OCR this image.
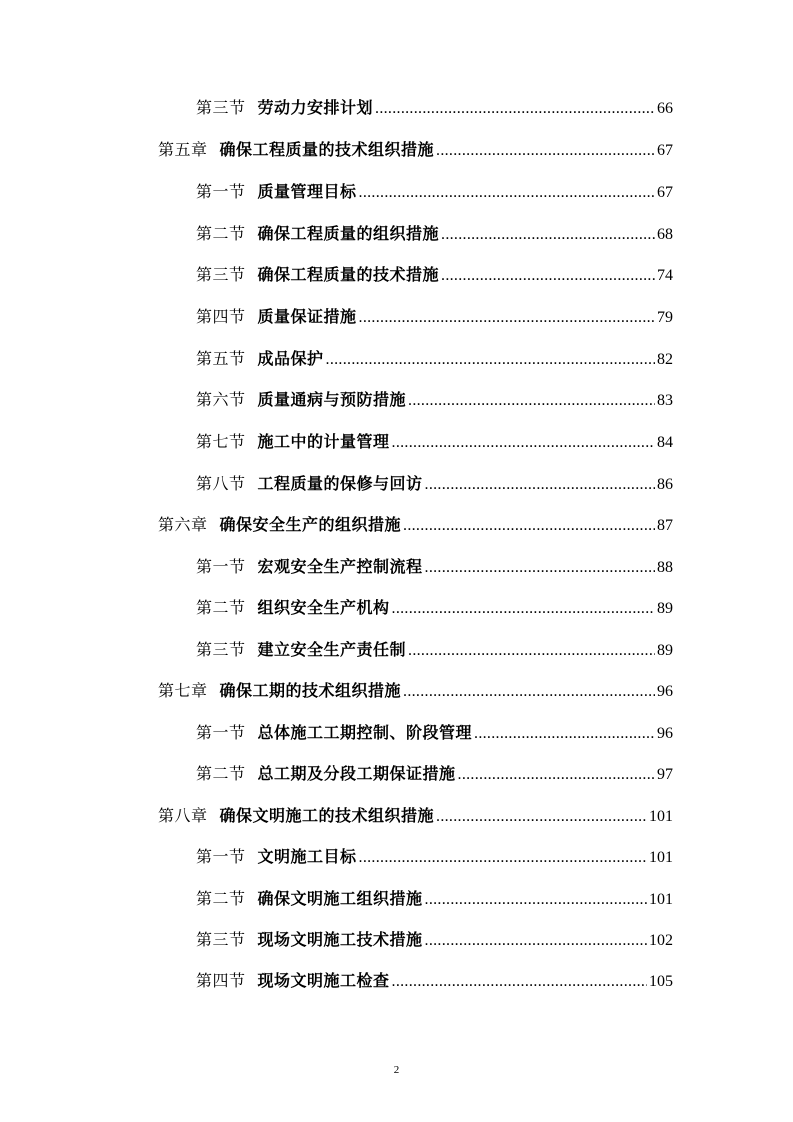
第三节 劳动力安排计划 .....	66
第五章 确保工程质量的技术组织措施 .....	67
第一节 质量管理目标 .....	67
第二节 确保工程质量的组织措施 .....	68
第三节 确保工程质量的技术措施 .....	74
第四节 质量保证措施 .....	79
第五节 成品保护 .....	82
第六节 质量通病与预防措施 .....	83
第七节 施工中的计量管理 .....	84
第八节 工程质量的保修与回访 .....	86
第六章 确保安全生产的组织措施 .....	87
第一节 宏观安全生产控制流程 .....	88
第二节 组织安全生产机构 .....	89
第三节 建立安全生产责任制 .....	89
第七章 确保工期的技术组织措施 .....	96
第一节 总体施工工期控制、阶段管理 .....	96
第二节 总工期及分段工期保证措施 .....	97
第八章 确保文明施工的技术组织措施 .....	101
第一节 文明施工目标 .....	101
第二节 确保文明施工组织措施 .....	101
第三节 现场文明施工技术措施 .....	102
第四节 现场文明施工检查 .....	105
2
